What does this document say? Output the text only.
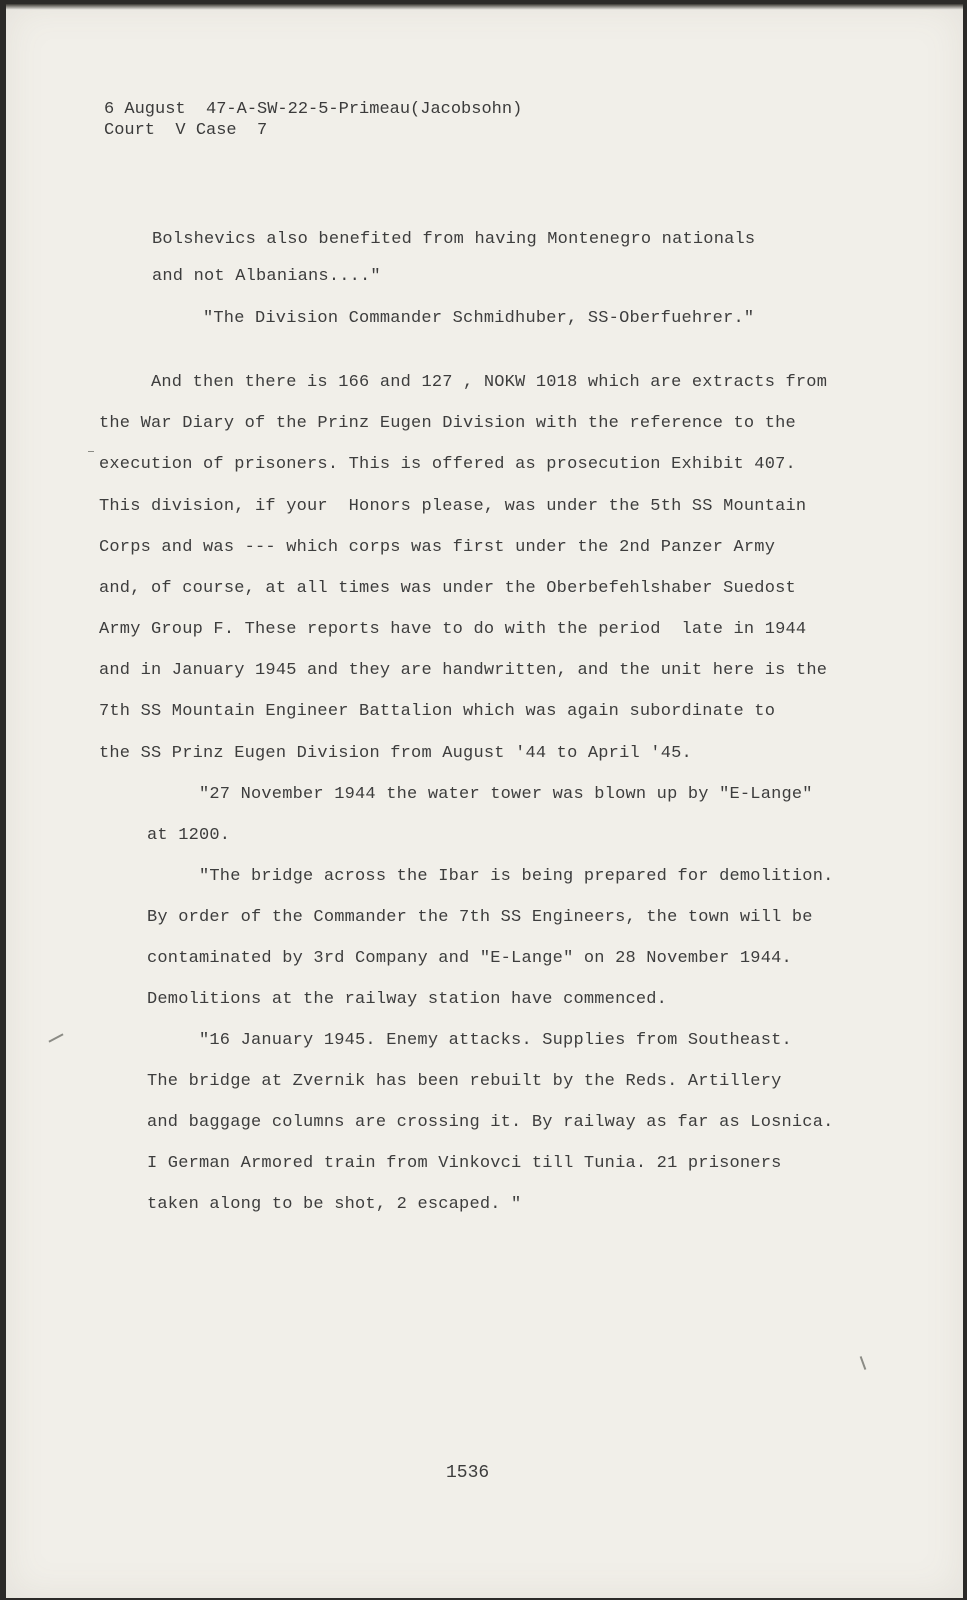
6 August  47-A-SW-22-5-Primeau(Jacobsohn)
Court  V Case  7
Bolshevics also benefited from having Montenegro nationals
and not Albanians...."
"The Division Commander Schmidhuber, SS-Oberfuehrer."
And then there is 166 and 127 , NOKW 1018 which are extracts from
the War Diary of the Prinz Eugen Division with the reference to the
execution of prisoners. This is offered as prosecution Exhibit 407.
This division, if your  Honors please, was under the 5th SS Mountain
Corps and was --- which corps was first under the 2nd Panzer Army
and, of course, at all times was under the Oberbefehlshaber Suedost
Army Group F. These reports have to do with the period  late in 1944
and in January 1945 and they are handwritten, and the unit here is the
7th SS Mountain Engineer Battalion which was again subordinate to
the SS Prinz Eugen Division from August '44 to April '45.
"27 November 1944 the water tower was blown up by "E-Lange"
at 1200.
"The bridge across the Ibar is being prepared for demolition.
By order of the Commander the 7th SS Engineers, the town will be
contaminated by 3rd Company and "E-Lange" on 28 November 1944.
Demolitions at the railway station have commenced.
"16 January 1945. Enemy attacks. Supplies from Southeast.
The bridge at Zvernik has been rebuilt by the Reds. Artillery
and baggage columns are crossing it. By railway as far as Losnica.
I German Armored train from Vinkovci till Tunia. 21 prisoners
taken along to be shot, 2 escaped. "
1536
